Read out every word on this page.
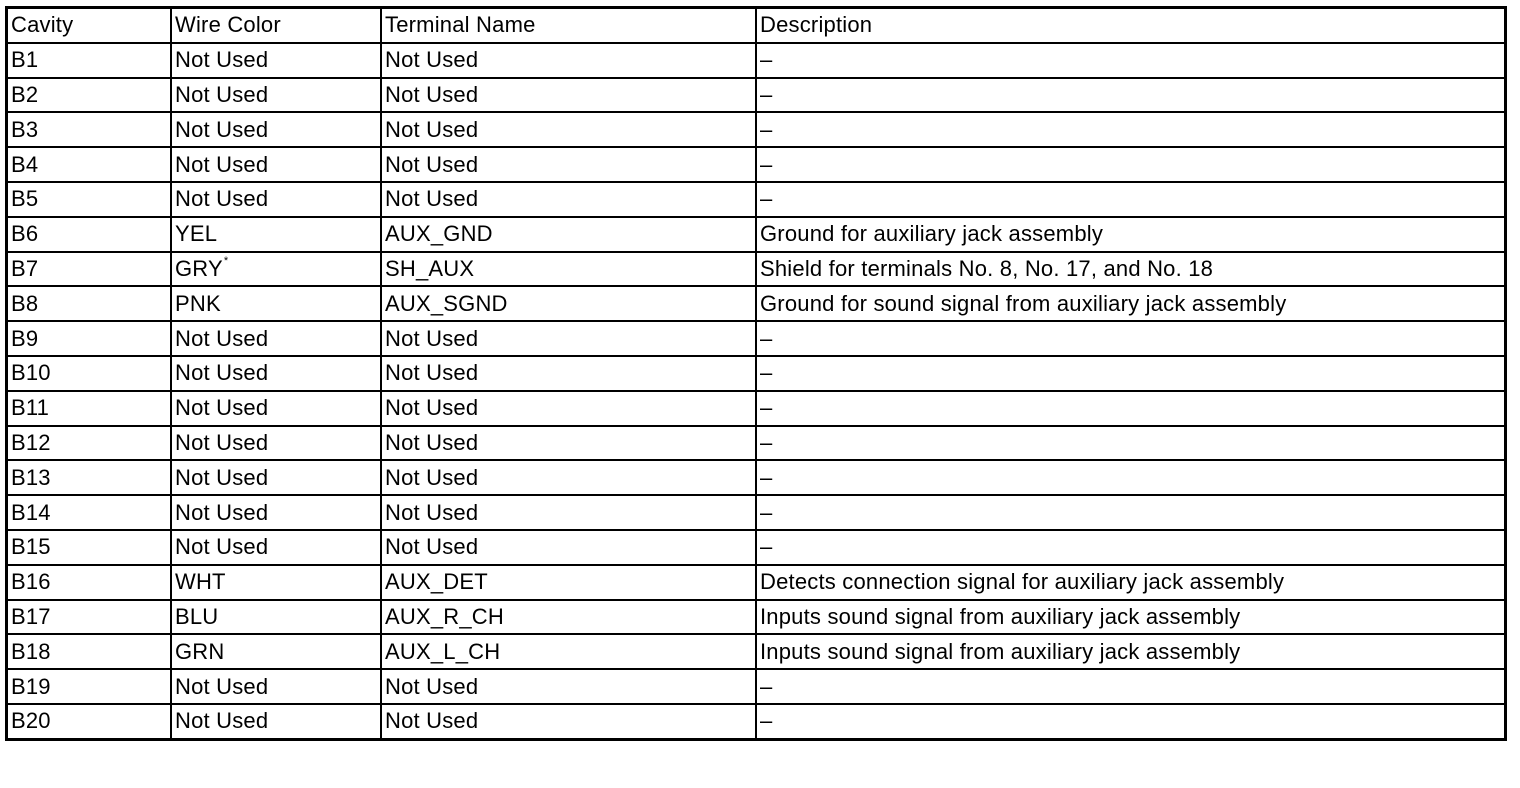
Cavity	Wire Color	Terminal Name	Description
B1	Not Used	Not Used	–
B2	Not Used	Not Used	–
B3	Not Used	Not Used	–
B4	Not Used	Not Used	–
B5	Not Used	Not Used	–
B6	YEL	AUX_GND	Ground for auxiliary jack assembly
B7	GRY*	SH_AUX	Shield for terminals No. 8, No. 17, and No. 18
B8	PNK	AUX_SGND	Ground for sound signal from auxiliary jack assembly
B9	Not Used	Not Used	–
B10	Not Used	Not Used	–
B11	Not Used	Not Used	–
B12	Not Used	Not Used	–
B13	Not Used	Not Used	–
B14	Not Used	Not Used	–
B15	Not Used	Not Used	–
B16	WHT	AUX_DET	Detects connection signal for auxiliary jack assembly
B17	BLU	AUX_R_CH	Inputs sound signal from auxiliary jack assembly
B18	GRN	AUX_L_CH	Inputs sound signal from auxiliary jack assembly
B19	Not Used	Not Used	–
B20	Not Used	Not Used	–
